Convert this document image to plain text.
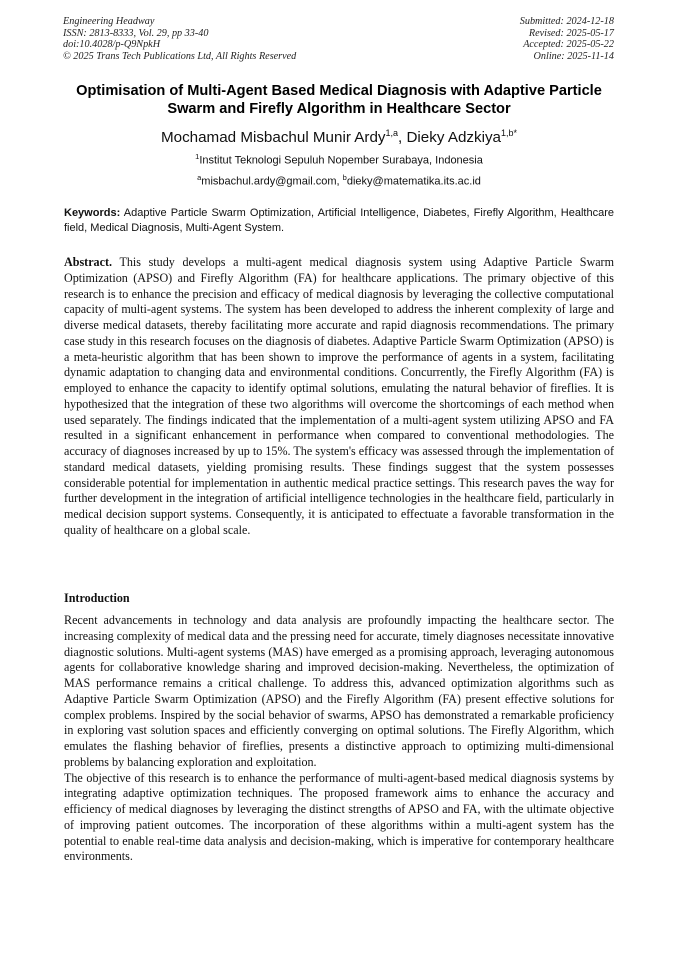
Engineering Headway
ISSN: 2813-8333, Vol. 29, pp 33-40
doi:10.4028/p-Q9NpkH
© 2025 Trans Tech Publications Ltd, All Rights Reserved
Submitted: 2024-12-18
Revised: 2025-05-17
Accepted: 2025-05-22
Online: 2025-11-14
Optimisation of Multi-Agent Based Medical Diagnosis with Adaptive Particle Swarm and Firefly Algorithm in Healthcare Sector
Mochamad Misbachul Munir Ardy$^{1,a}$, Dieky Adzkiya$^{1,b*}$
$^1$Institut Teknologi Sepuluh Nopember Surabaya, Indonesia
$^a$misbachul.ardy@gmail.com, $^b$dieky@matematika.its.ac.id
Keywords: Adaptive Particle Swarm Optimization, Artificial Intelligence, Diabetes, Firefly Algorithm, Healthcare field, Medical Diagnosis, Multi-Agent System.
Abstract. This study develops a multi-agent medical diagnosis system using Adaptive Particle Swarm Optimization (APSO) and Firefly Algorithm (FA) for healthcare applications. The primary objective of this research is to enhance the precision and efficacy of medical diagnosis by leveraging the collective computational capacity of multi-agent systems. The system has been developed to address the inherent complexity of large and diverse medical datasets, thereby facilitating more accurate and rapid diagnosis recommendations. The primary case study in this research focuses on the diagnosis of diabetes. Adaptive Particle Swarm Optimization (APSO) is a meta-heuristic algorithm that has been shown to improve the performance of agents in a system, facilitating dynamic adaptation to changing data and environmental conditions. Concurrently, the Firefly Algorithm (FA) is employed to enhance the capacity to identify optimal solutions, emulating the natural behavior of fireflies. It is hypothesized that the integration of these two algorithms will overcome the shortcomings of each method when used separately. The findings indicated that the implementation of a multi-agent system utilizing APSO and FA resulted in a significant enhancement in performance when compared to conventional methodologies. The accuracy of diagnoses increased by up to 15%. The system's efficacy was assessed through the implementation of standard medical datasets, yielding promising results. These findings suggest that the system possesses considerable potential for implementation in authentic medical practice settings. This research paves the way for further development in the integration of artificial intelligence technologies in the healthcare field, particularly in medical decision support systems. Consequently, it is anticipated to effectuate a favorable transformation in the quality of healthcare on a global scale.
Introduction

Recent advancements in technology and data analysis are profoundly impacting the healthcare sector. The increasing complexity of medical data and the pressing need for accurate, timely diagnoses necessitate innovative diagnostic solutions. Multi-agent systems (MAS) have emerged as a promising approach, leveraging autonomous agents for collaborative knowledge sharing and improved decision-making. Nevertheless, the optimization of MAS performance remains a critical challenge. To address this, advanced optimization algorithms such as Adaptive Particle Swarm Optimization (APSO) and the Firefly Algorithm (FA) present effective solutions for complex problems. Inspired by the social behavior of swarms, APSO has demonstrated a remarkable proficiency in exploring vast solution spaces and efficiently converging on optimal solutions. The Firefly Algorithm, which emulates the flashing behavior of fireflies, presents a distinctive approach to optimizing multi-dimensional problems by balancing exploration and exploitation.

The objective of this research is to enhance the performance of multi-agent-based medical diagnosis systems by integrating adaptive optimization techniques. The proposed framework aims to enhance the accuracy and efficiency of medical diagnoses by leveraging the distinct strengths of APSO and FA, with the ultimate objective of improving patient outcomes. The incorporation of these algorithms within a multi-agent system has the potential to enable real-time data analysis and decision-making, which is imperative for contemporary healthcare environments.
